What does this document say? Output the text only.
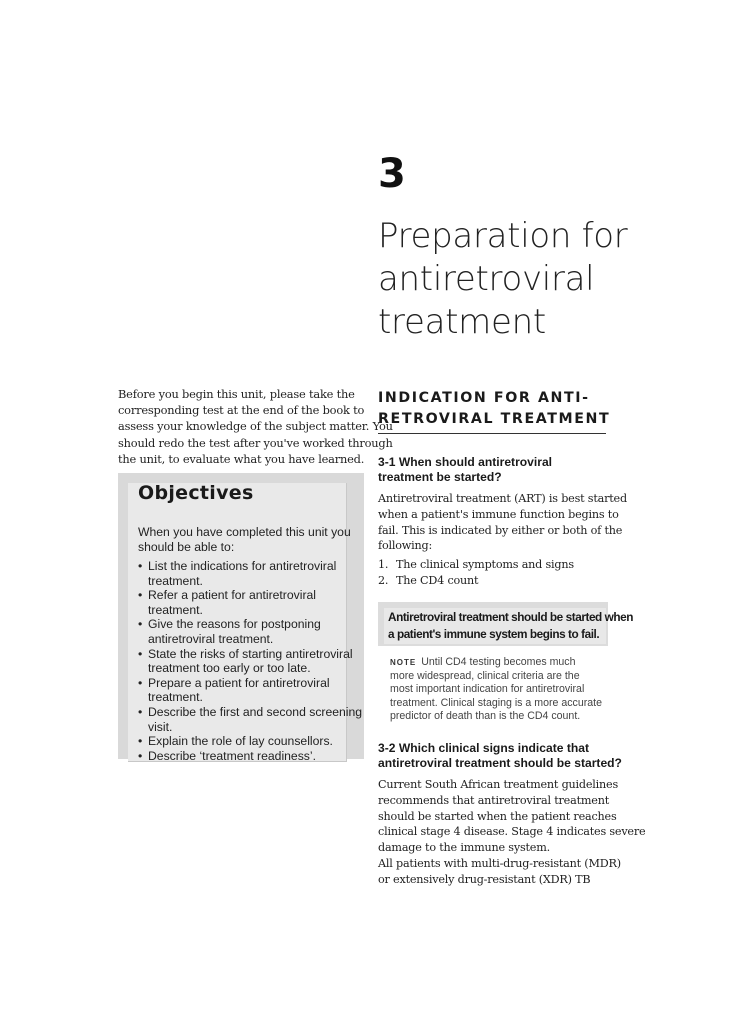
3
Preparation for
antiretroviral
treatment

Before you begin this unit, please take the
corresponding test at the end of the book to
assess your knowledge of the subject matter. You
should redo the test after you've worked through
the unit, to evaluate what you have learned.

Objectives
When you have completed this unit you
should be able to:
• List the indications for antiretroviral
treatment.
• Refer a patient for antiretroviral
treatment.
• Give the reasons for postponing
antiretroviral treatment.
• State the risks of starting antiretroviral
treatment too early or too late.
• Prepare a patient for antiretroviral
treatment.
• Describe the first and second screening
visit.
• Explain the role of lay counsellors.
• Describe ‘treatment readiness’.
INDICATION FOR ANTI-
RETROVIRAL TREATMENT
3-1 When should antiretroviral
treatment be started?

Antiretroviral treatment (ART) is best started
when a patient's immune function begins to
fail. This is indicated by either or both of the
following:

1. The clinical symptoms and signs
2. The CD4 count
Antiretroviral treatment should be started when
a patient's immune system begins to fail.
NOTE Until CD4 testing becomes much
more widespread, clinical criteria are the
most important indication for antiretroviral
treatment. Clinical staging is a more accurate
predictor of death than is the CD4 count.
3-2 Which clinical signs indicate that
antiretroviral treatment should be started?

Current South African treatment guidelines
recommends that antiretroviral treatment
should be started when the patient reaches
clinical stage 4 disease. Stage 4 indicates severe
damage to the immune system.

All patients with multi-drug-resistant (MDR)
or extensively drug-resistant (XDR) TB
